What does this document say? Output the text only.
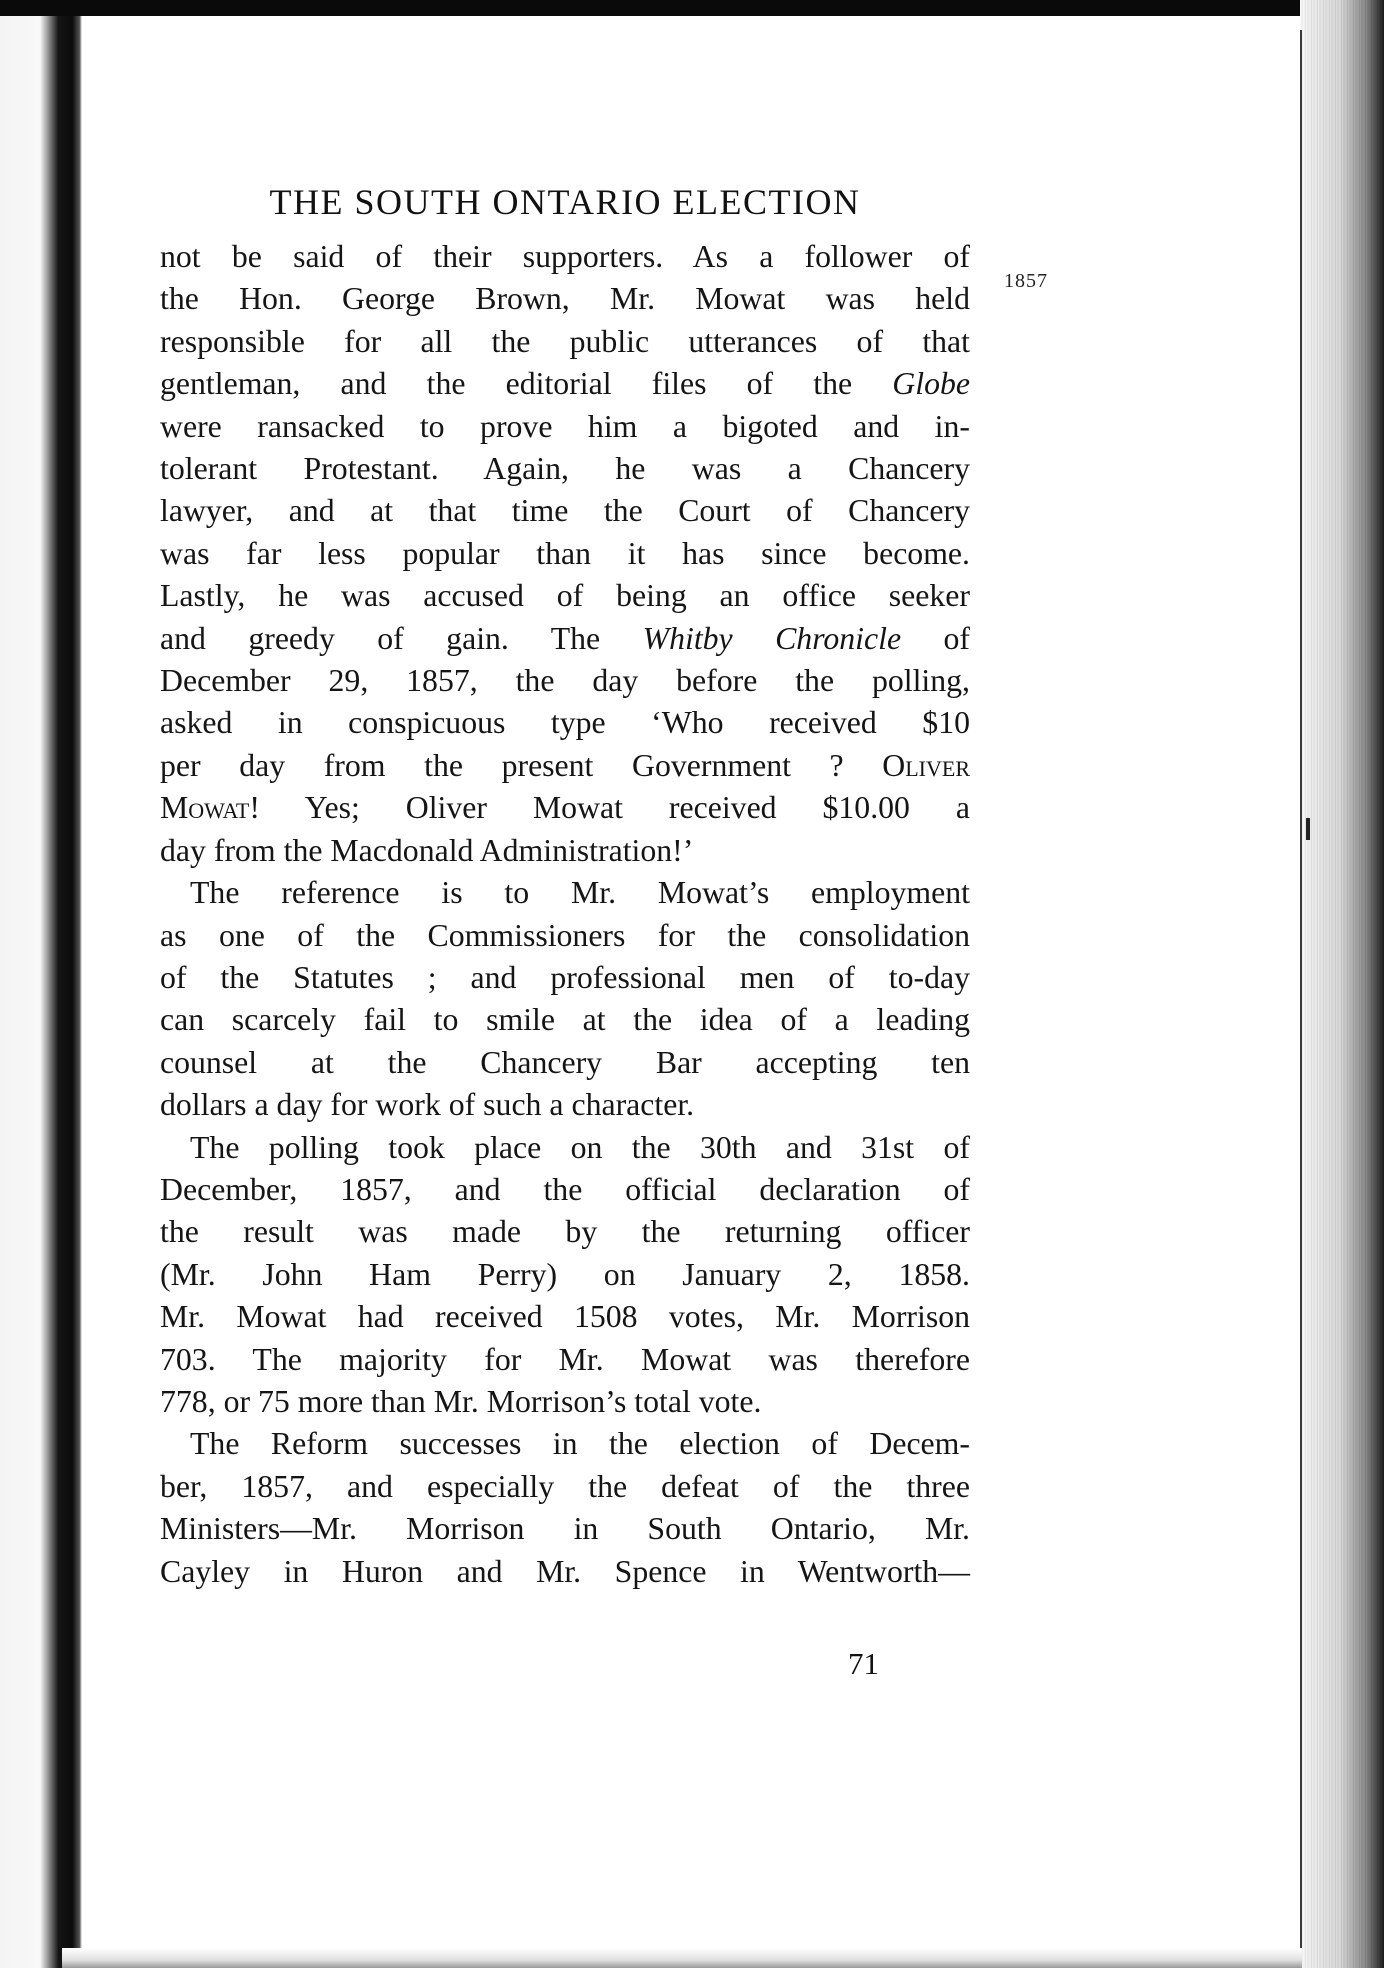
THE SOUTH ONTARIO ELECTION
not be said of their supporters. As a follower of
the Hon. George Brown, Mr. Mowat was held
responsible for all the public utterances of that
gentleman, and the editorial files of the Globe
were ransacked to prove him a bigoted and in-
tolerant Protestant. Again, he was a Chancery
lawyer, and at that time the Court of Chancery
was far less popular than it has since become.
Lastly, he was accused of being an office seeker
and greedy of gain. The Whitby Chronicle of
December 29, 1857, the day before the polling,
asked in conspicuous type ‘Who received $10
per day from the present Government ? Oliver
Mowat! Yes; Oliver Mowat received $10.00 a
day from the Macdonald Administration!’
The reference is to Mr. Mowat’s employment
as one of the Commissioners for the consolidation
of the Statutes ; and professional men of to-day
can scarcely fail to smile at the idea of a leading
counsel at the Chancery Bar accepting ten
dollars a day for work of such a character.
The polling took place on the 30th and 31st of
December, 1857, and the official declaration of
the result was made by the returning officer
(Mr. John Ham Perry) on January 2, 1858.
Mr. Mowat had received 1508 votes, Mr. Morrison
703. The majority for Mr. Mowat was therefore
778, or 75 more than Mr. Morrison’s total vote.
The Reform successes in the election of Decem-
ber, 1857, and especially the defeat of the three
Ministers—Mr. Morrison in South Ontario, Mr.
Cayley in Huron and Mr. Spence in Wentworth—
1857
71
